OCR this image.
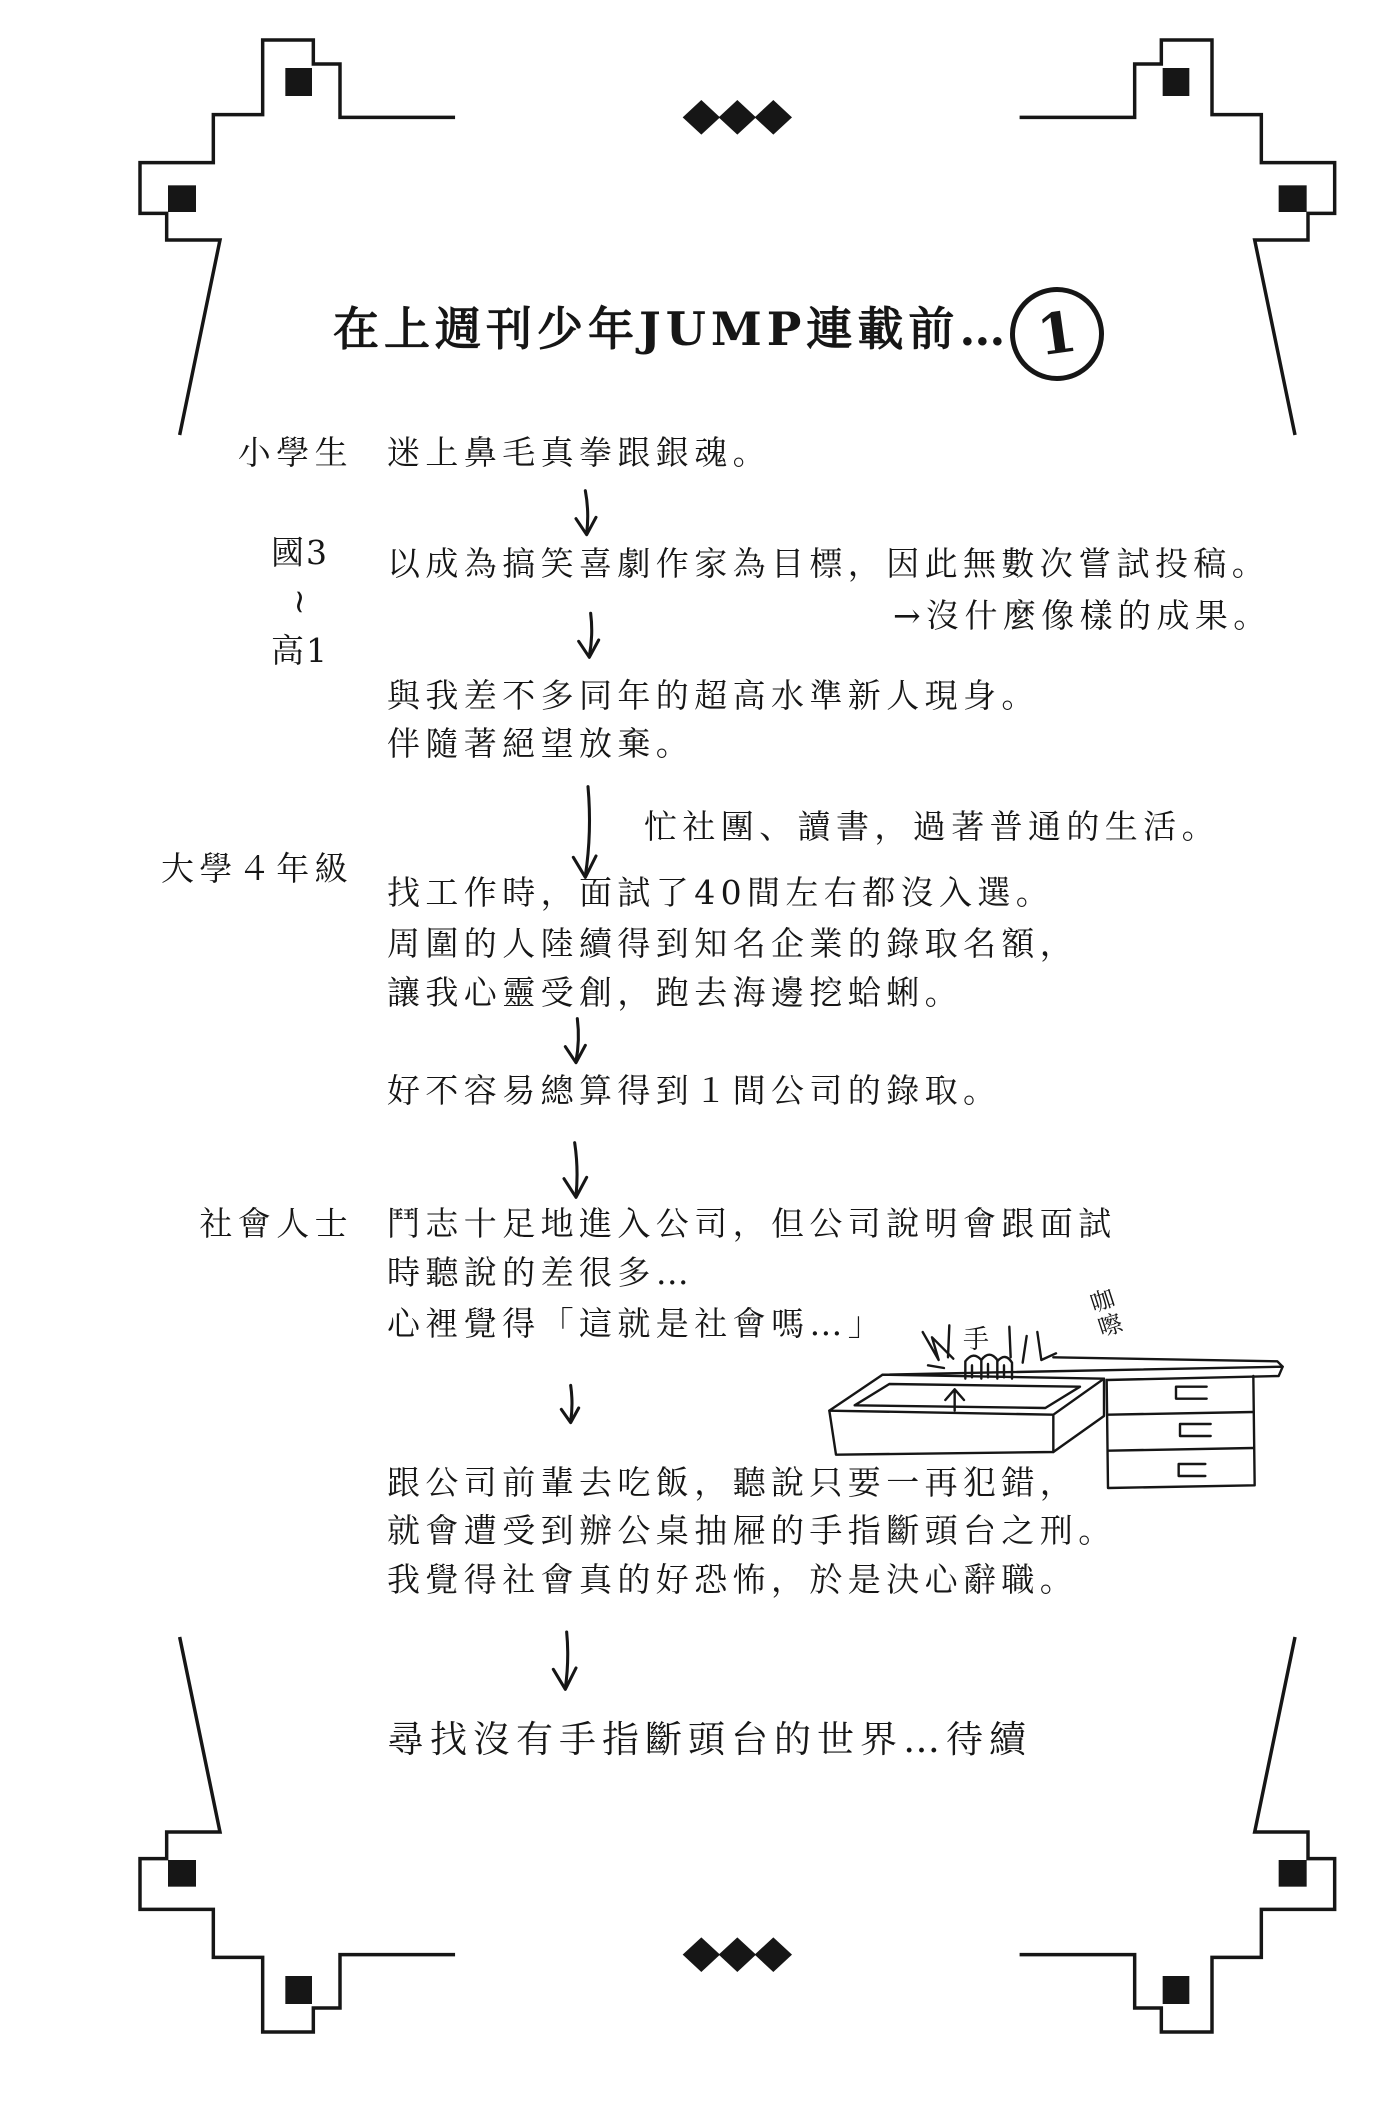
在上週刊少年JUMP連載前… 1
小學生
國3
~
高1
大學４年級
社會人士
迷上鼻毛真拳跟銀魂。
以成為搞笑喜劇作家為目標，因此無數次嘗試投稿。
→沒什麼像樣的成果。
與我差不多同年的超高水準新人現身。
伴隨著絕望放棄。
忙社團、讀書，過著普通的生活。
找工作時，面試了40間左右都沒入選。
周圍的人陸續得到知名企業的錄取名額，
讓我心靈受創，跑去海邊挖蛤蜊。
好不容易總算得到１間公司的錄取。
鬥志十足地進入公司，但公司說明會跟面試
時聽說的差很多…
心裡覺得「這就是社會嗎…」
跟公司前輩去吃飯，聽說只要一再犯錯，
就會遭受到辦公桌抽屜的手指斷頭台之刑。
我覺得社會真的好恐怖，於是決心辭職。
尋找沒有手指斷頭台的世界…待續
手	咖嚓
